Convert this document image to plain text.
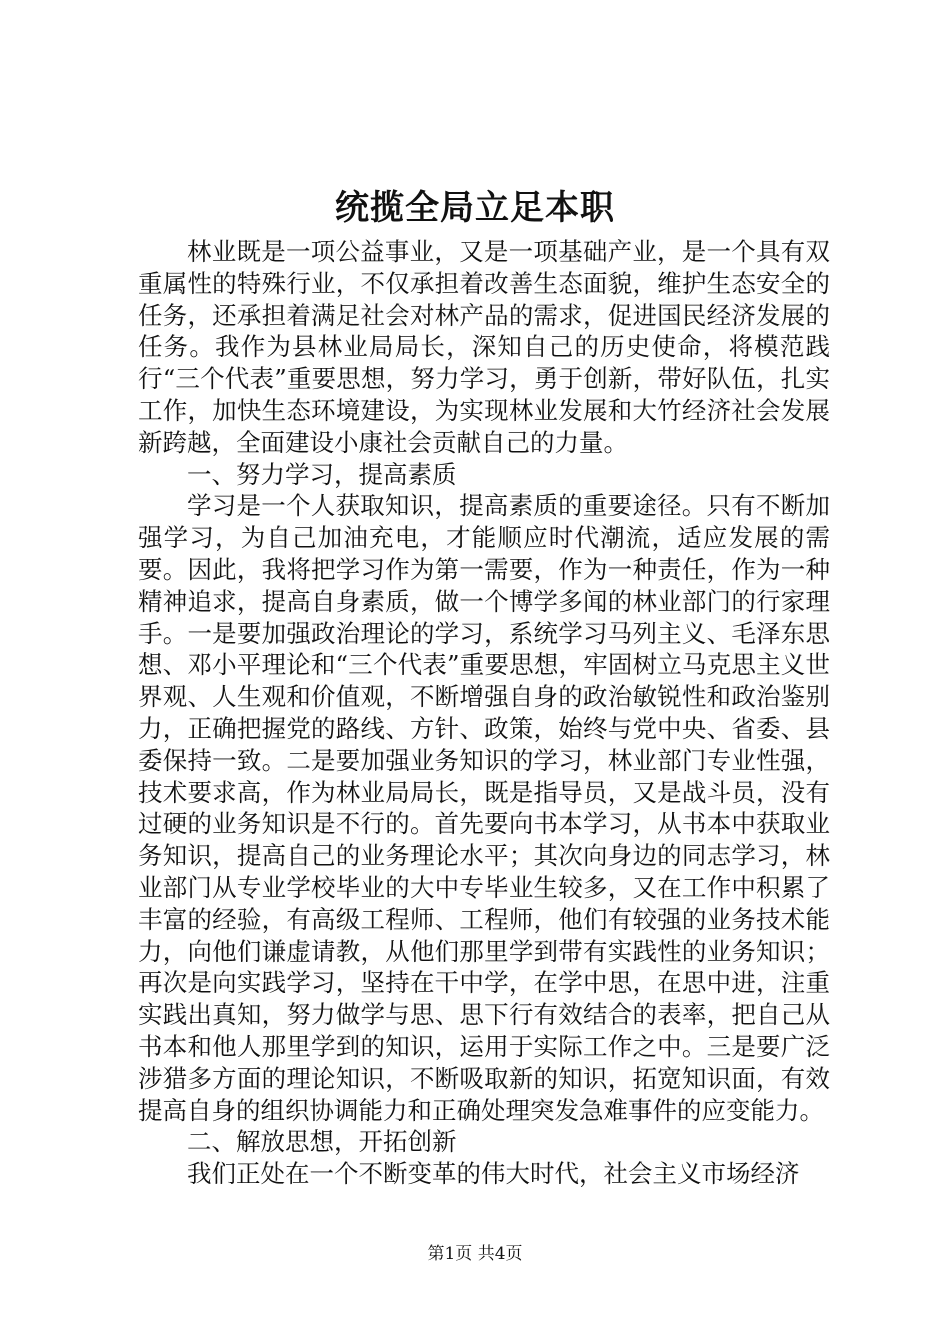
统揽全局立足本职

林业既是一项公益事业，又是一项基础产业，是一个具有双重属性的特殊行业，不仅承担着改善生态面貌，维护生态安全的任务，还承担着满足社会对林产品的需求，促进国民经济发展的任务。我作为县林业局局长，深知自己的历史使命，将模范践行“三个代表”重要思想，努力学习，勇于创新，带好队伍，扎实工作，加快生态环境建设，为实现林业发展和大竹经济社会发展新跨越，全面建设小康社会贡献自己的力量。

一、努力学习，提高素质

学习是一个人获取知识，提高素质的重要途径。只有不断加强学习，为自己加油充电，才能顺应时代潮流，适应发展的需要。因此，我将把学习作为第一需要，作为一种责任，作为一种精神追求，提高自身素质，做一个博学多闻的林业部门的行家理手。一是要加强政治理论的学习，系统学习马列主义、毛泽东思想、邓小平理论和“三个代表”重要思想，牢固树立马克思主义世界观、人生观和价值观，不断增强自身的政治敏锐性和政治鉴别力，正确把握党的路线、方针、政策，始终与党中央、省委、县委保持一致。二是要加强业务知识的学习，林业部门专业性强，技术要求高，作为林业局局长，既是指导员，又是战斗员，没有过硬的业务知识是不行的。首先要向书本学习，从书本中获取业务知识，提高自己的业务理论水平；其次向身边的同志学习，林业部门从专业学校毕业的大中专毕业生较多，又在工作中积累了丰富的经验，有高级工程师、工程师，他们有较强的业务技术能力，向他们谦虚请教，从他们那里学到带有实践性的业务知识；再次是向实践学习，坚持在干中学，在学中思，在思中进，注重实践出真知，努力做学与思、思下行有效结合的表率，把自己从书本和他人那里学到的知识，运用于实际工作之中。三是要广泛涉猎多方面的理论知识，不断吸取新的知识，拓宽知识面，有效提高自身的组织协调能力和正确处理突发急难事件的应变能力。

二、解放思想，开拓创新

我们正处在一个不断变革的伟大时代，社会主义市场经济

第1页 共4页
